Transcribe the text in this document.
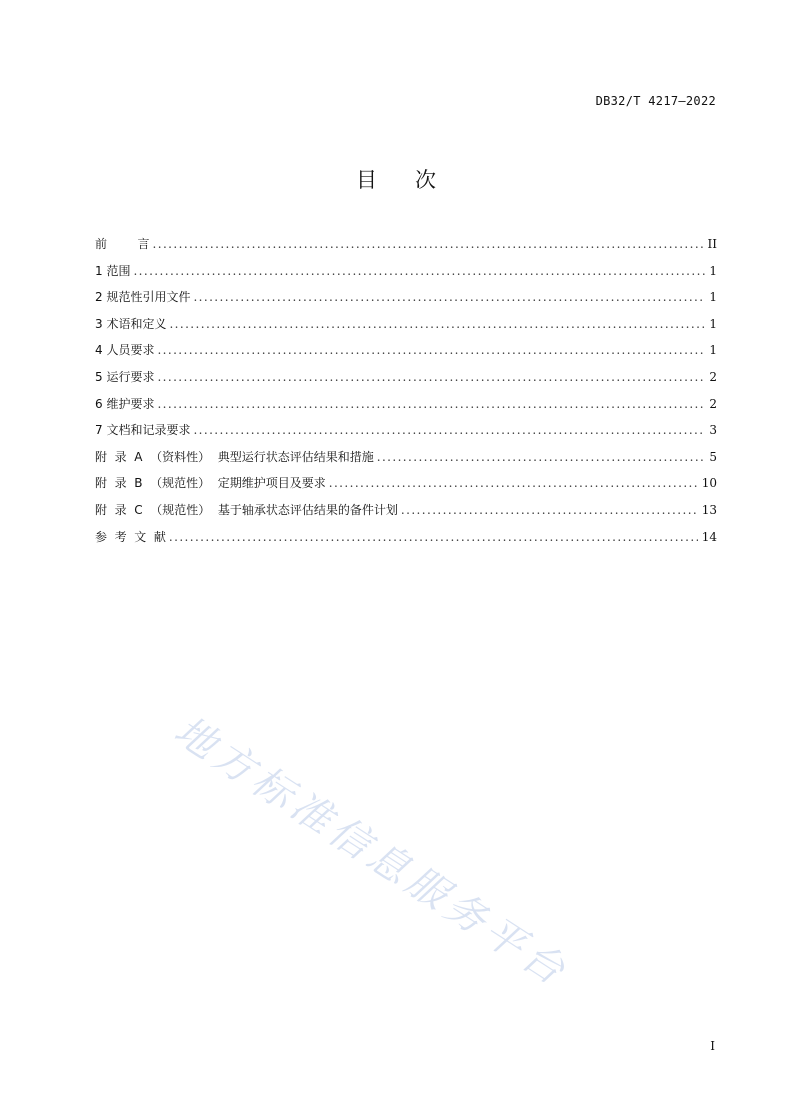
DB32/T 4217—2022
目次
前        言 .....	II
1 范围 .....	1
2 规范性引用文件 .....	1
3 术语和定义 .....	1
4 人员要求 .....	1
5 运行要求 .....	2
6 维护要求 .....	2
7 文档和记录要求 .....	3
附  录  A  （资料性）  典型运行状态评估结果和措施 .....	5
附  录  B  （规范性）  定期维护项目及要求 .....	10
附  录  C  （规范性）  基于轴承状态评估结果的备件计划 .....	13
参  考  文  献 .....	14
地方标准信息服务平台
I
